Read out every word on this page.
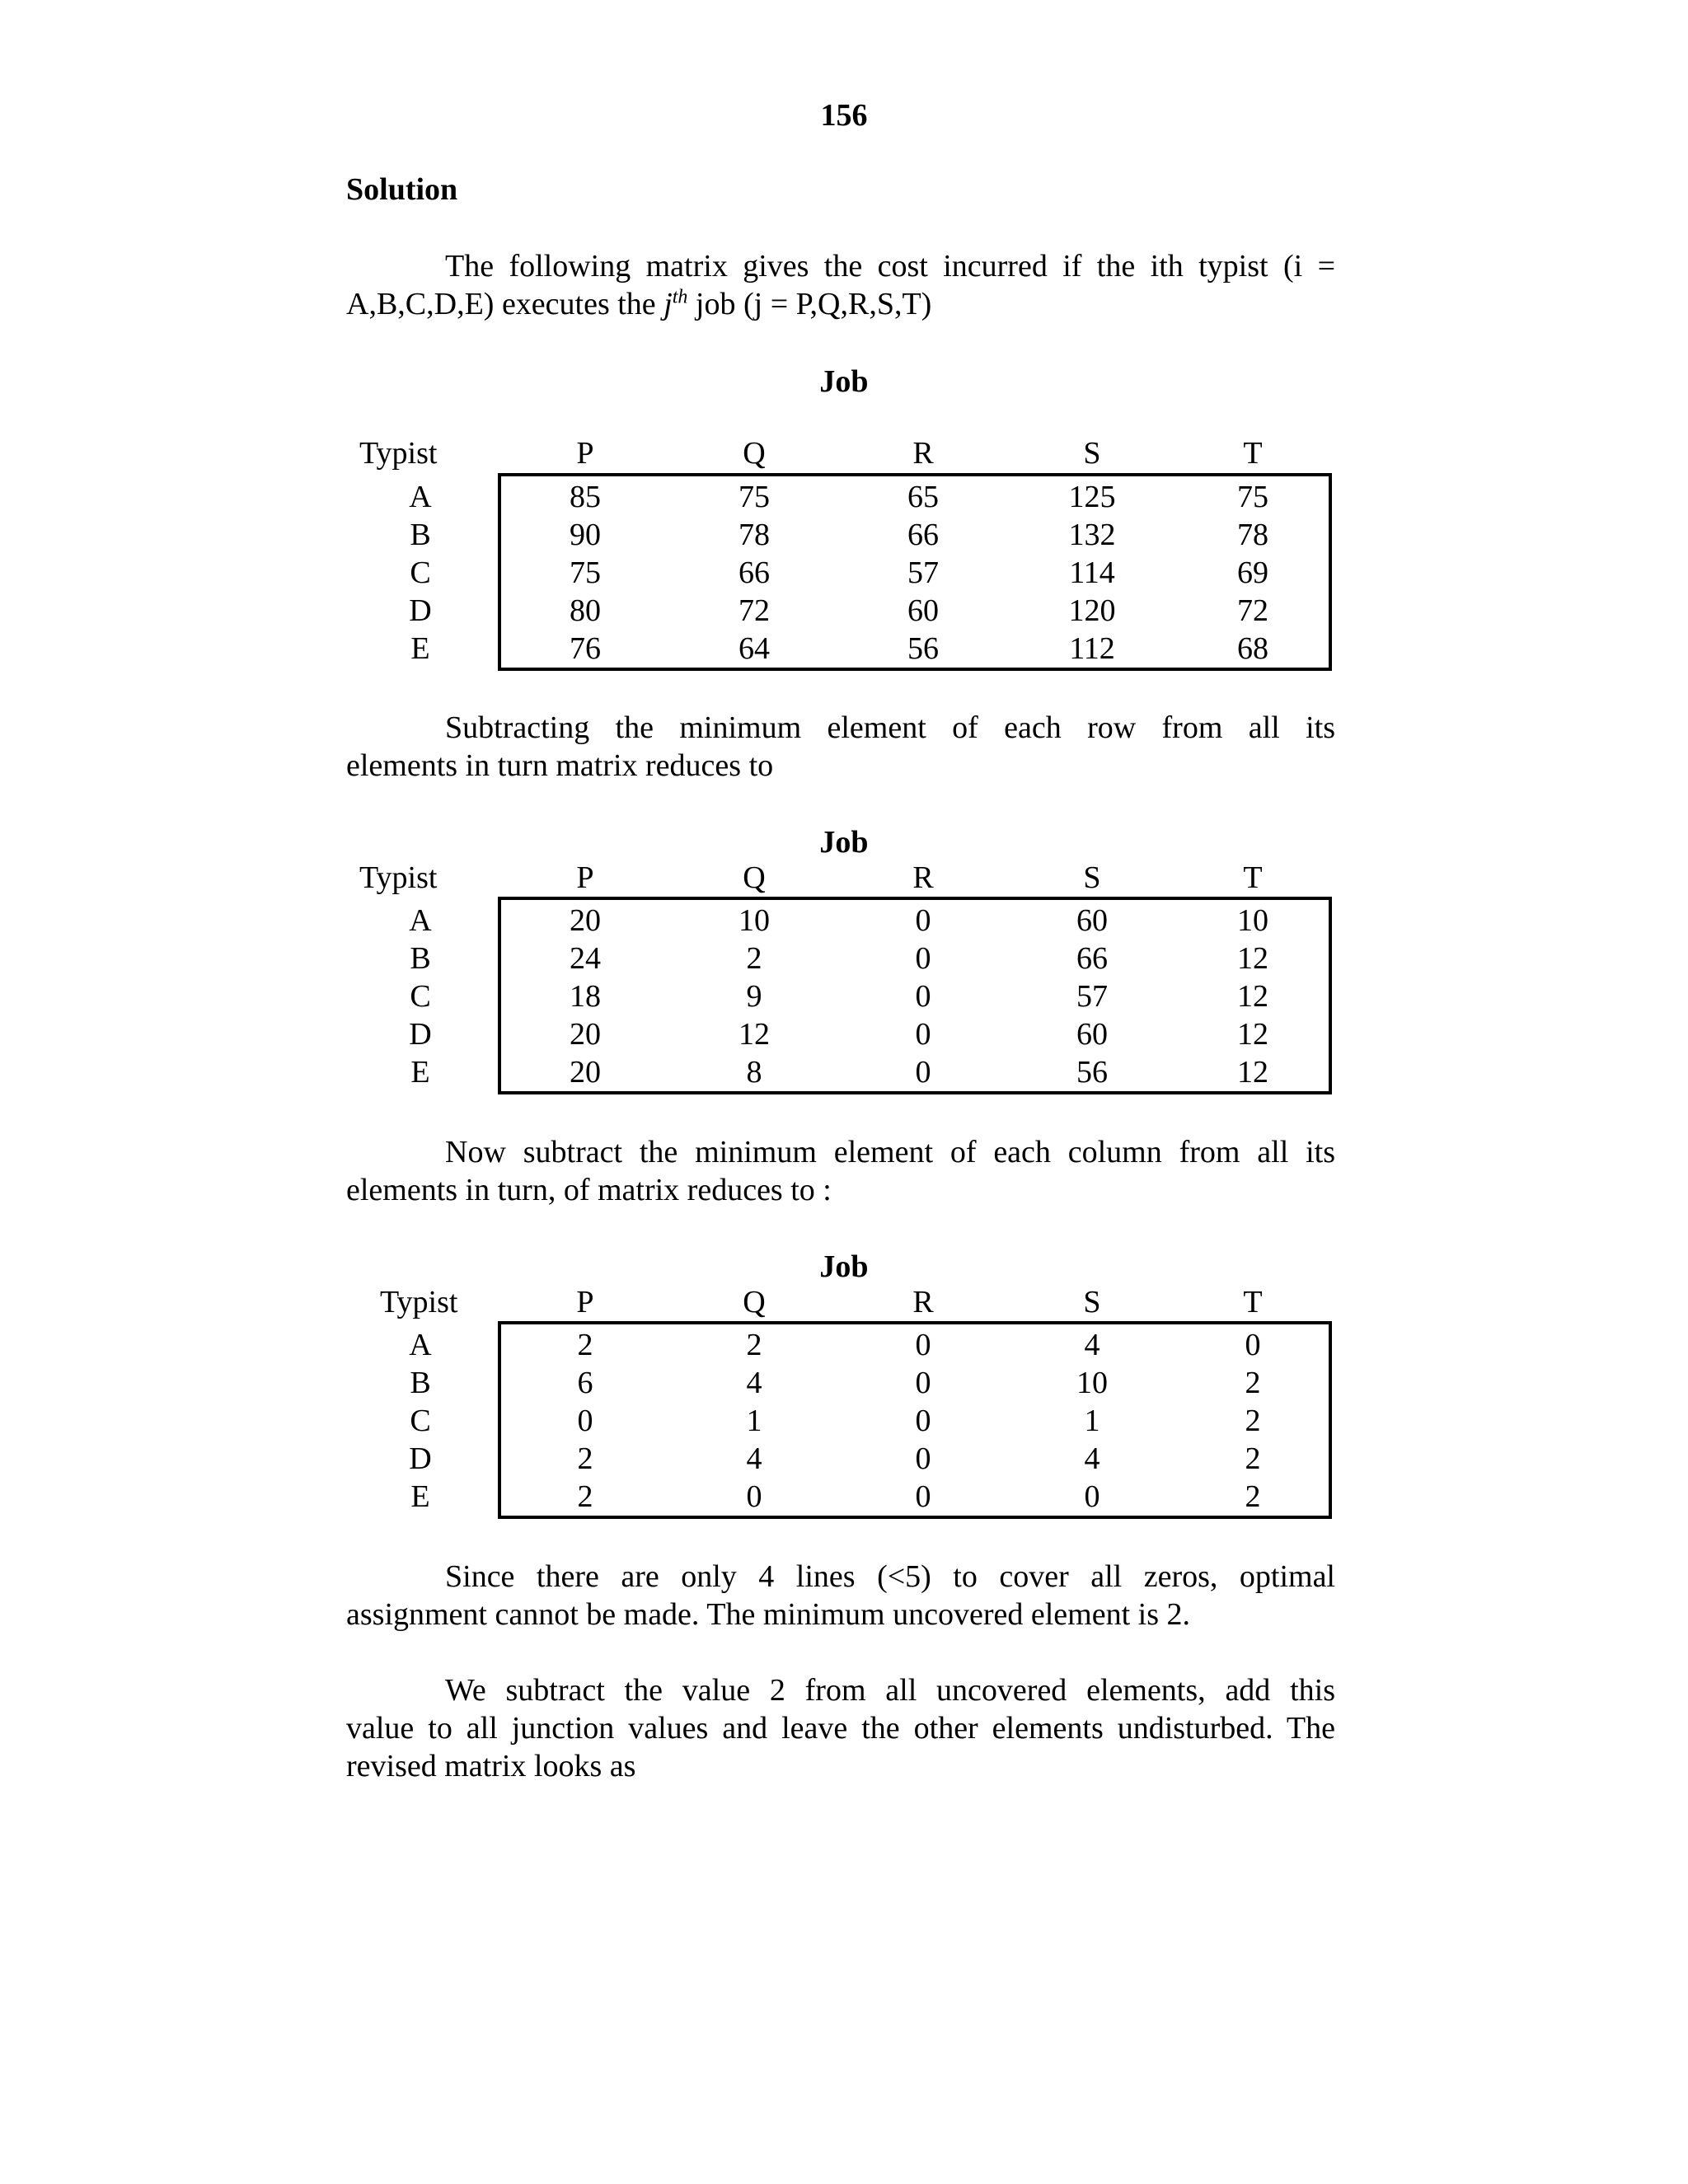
156
Solution
The following matrix gives the cost incurred if the ith typist (i =
A,B,C,D,E) executes the $j^{th}$ job (j = P,Q,R,S,T)
Job
Typist	P	Q	R	S	T
A	85	75	65	125	75
B	90	78	66	132	78
C	75	66	57	114	69
D	80	72	60	120	72
E	76	64	56	112	68
Subtracting the minimum element of each row from all its
elements in turn matrix reduces to
Job
Typist	P	Q	R	S	T
A	20	10	0	60	10
B	24	2	0	66	12
C	18	9	0	57	12
D	20	12	0	60	12
E	20	8	0	56	12
Now subtract the minimum element of each column from all its
elements in turn, of matrix reduces to :
Job
Typist	P	Q	R	S	T
A	2	2	0	4	0
B	6	4	0	10	2
C	0	1	0	1	2
D	2	4	0	4	2
E	2	0	0	0	2
Since there are only 4 lines (<5) to cover all zeros, optimal
assignment cannot be made. The minimum uncovered element is 2.
We subtract the value 2 from all uncovered elements, add this
value to all junction values and leave the other elements undisturbed. The
revised matrix looks as
